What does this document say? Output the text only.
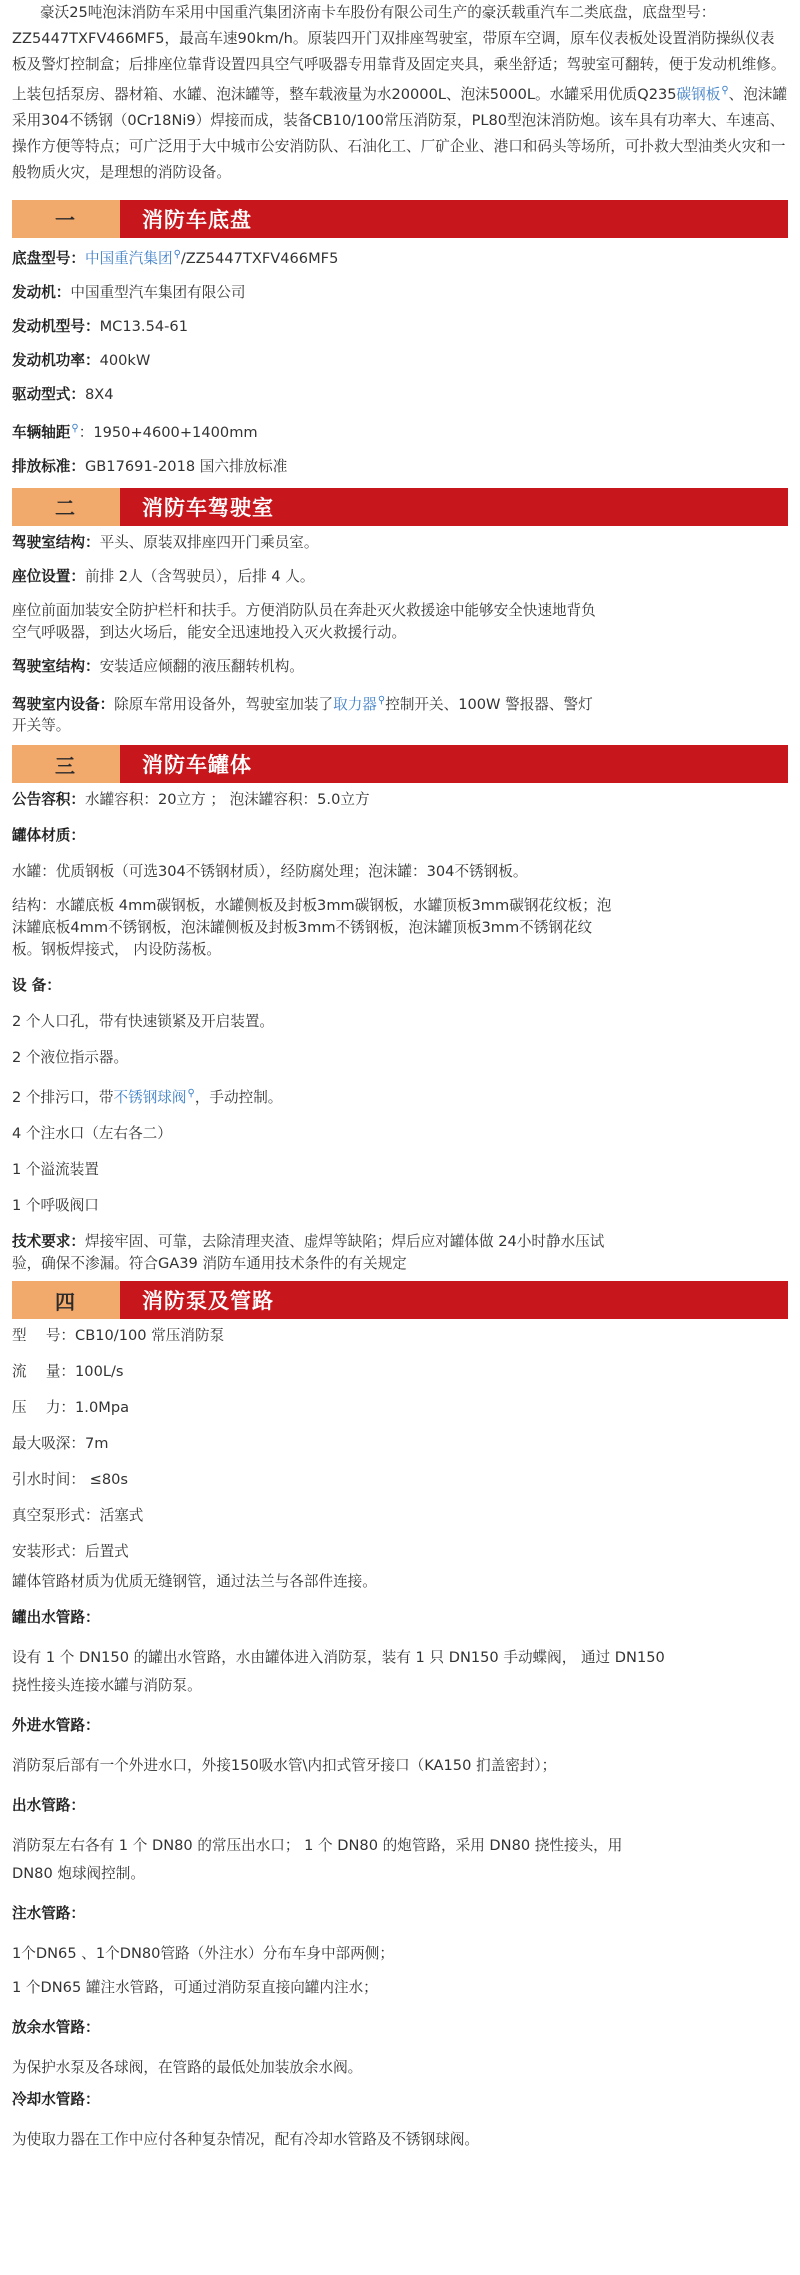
豪沃25吨泡沫消防车采用中国重汽集团济南卡车股份有限公司生产的豪沃载重汽车二类底盘，底盘型号：ZZ5447TXFV466MF5，最高车速90km/h。原装四开门双排座驾驶室，带原车空调，原车仪表板处设置消防操纵仪表板及警灯控制盒；后排座位靠背设置四具空气呼吸器专用靠背及固定夹具，乘坐舒适；驾驶室可翻转，便于发动机维修。上装包括泵房、器材箱、水罐、泡沫罐等，整车载液量为水20000L、泡沫5000L。水罐采用优质Q235碳钢板⚲、泡沫罐采用304不锈钢（0Cr18Ni9）焊接而成，装备CB10/100常压消防泵，PL80型泡沫消防炮。该车具有功率大、车速高、操作方便等特点；可广泛用于大中城市公安消防队、石油化工、厂矿企业、港口和码头等场所，可扑救大型油类火灾和一般物质火灾，是理想的消防设备。

一	消防车底盘
底盘型号：中国重汽集团⚲/ZZ5447TXFV466MF5
发动机：中国重型汽车集团有限公司
发动机型号：MC13.54-61
发动机功率：400kW
驱动型式：8X4
车辆轴距⚲：1950+4600+1400mm
排放标准：GB17691-2018 国六排放标准
二	消防车驾驶室
驾驶室结构：平头、原装双排座四开门乘员室。
座位设置：前排 2人（含驾驶员），后排 4 人。
座位前面加装安全防护栏杆和扶手。方便消防队员在奔赴灭火救援途中能够安全快速地背负
空气呼吸器，到达火场后，能安全迅速地投入灭火救援行动。
驾驶室结构：安装适应倾翻的液压翻转机构。
驾驶室内设备：除原车常用设备外，驾驶室加装了取力器⚲控制开关、100W 警报器、警灯
开关等。
三	消防车罐体
公告容积：水罐容积：20立方 ； 泡沫罐容积：5.0立方
罐体材质：
水罐：优质钢板（可选304不锈钢材质），经防腐处理；泡沫罐：304不锈钢板。
结构：水罐底板 4mm碳钢板，水罐侧板及封板3mm碳钢板，水罐顶板3mm碳钢花纹板；泡
沫罐底板4mm不锈钢板，泡沫罐侧板及封板3mm不锈钢板，泡沫罐顶板3mm不锈钢花纹
板。钢板焊接式， 内设防荡板。
设 备：
2 个人口孔，带有快速锁紧及开启装置。
2 个液位指示器。
2 个排污口，带不锈钢球阀⚲，手动控制。
4 个注水口（左右各二）
1 个溢流装置
1 个呼吸阀口
技术要求：焊接牢固、可靠，去除清理夹渣、虚焊等缺陷；焊后应对罐体做 24小时静水压试
验，确保不渗漏。符合GA39 消防车通用技术条件的有关规定
四	消防泵及管路
型　 号：CB10/100 常压消防泵
流　 量：100L/s
压　 力：1.0Mpa
最大吸深：7m
引水时间： ≤80s
真空泵形式：活塞式
安装形式：后置式
罐体管路材质为优质无缝钢管，通过法兰与各部件连接。
罐出水管路：
设有 1 个 DN150 的罐出水管路，水由罐体进入消防泵，装有 1 只 DN150 手动蝶阀， 通过 DN150
挠性接头连接水罐与消防泵。
外进水管路：
消防泵后部有一个外进水口，外接150吸水管\内扣式管牙接口（KA150 扪盖密封）；
出水管路：
消防泵左右各有 1 个 DN80 的常压出水口； 1 个 DN80 的炮管路，采用 DN80 挠性接头，用
DN80 炮球阀控制。
注水管路：
1个DN65 、1个DN80管路（外注水）分布车身中部两侧；
1 个DN65 罐注水管路，可通过消防泵直接向罐内注水；
放余水管路：
为保护水泵及各球阀，在管路的最低处加装放余水阀。
冷却水管路：
为使取力器在工作中应付各种复杂情况，配有冷却水管路及不锈钢球阀。
